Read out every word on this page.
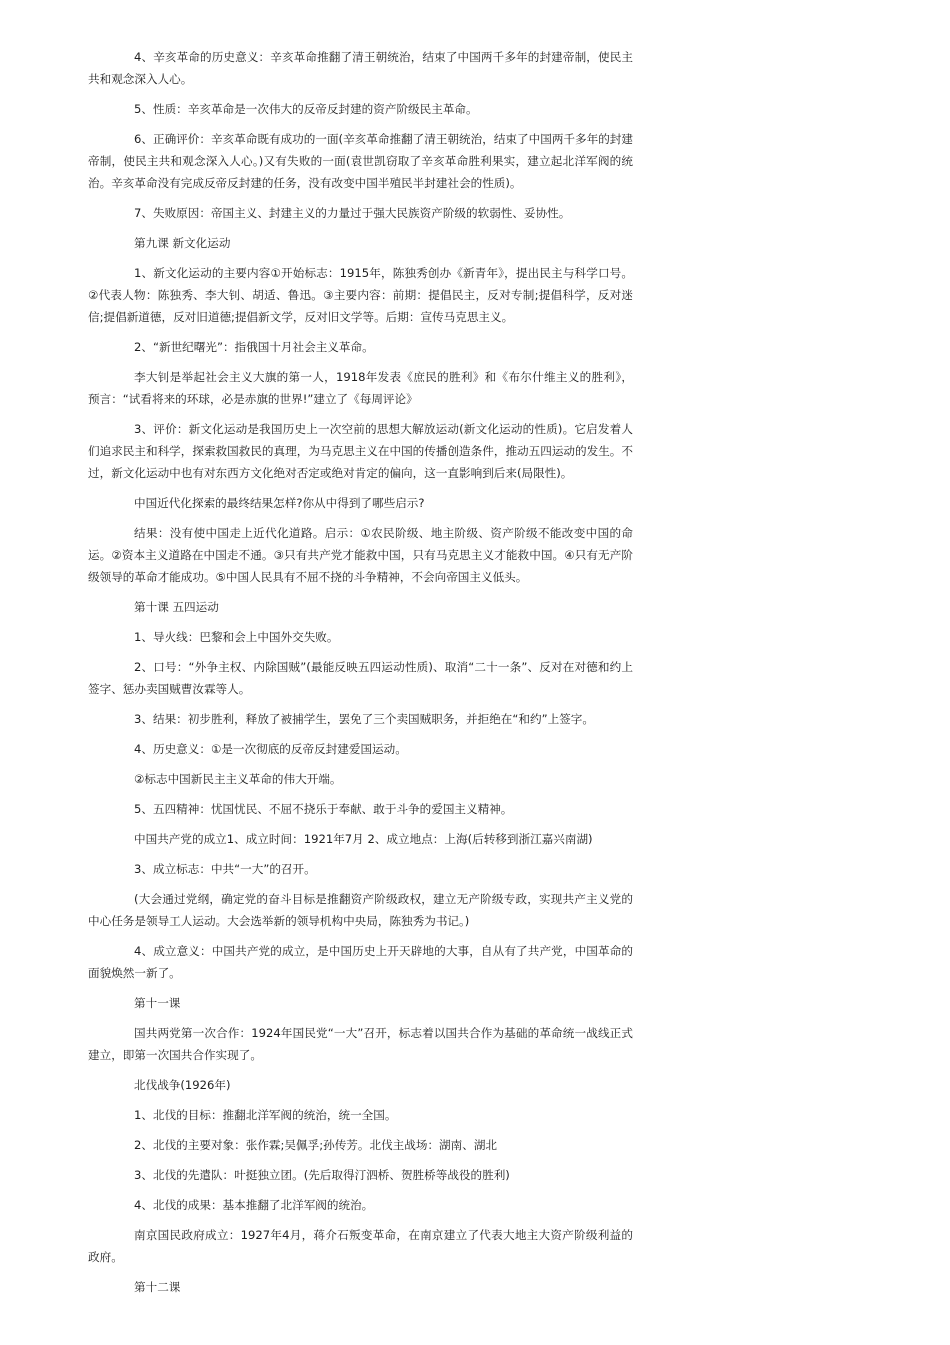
4、辛亥革命的历史意义：辛亥革命推翻了清王朝统治，结束了中国两千多年的封建帝制，使民主共和观念深入人心。

5、性质：辛亥革命是一次伟大的反帝反封建的资产阶级民主革命。

6、正确评价：辛亥革命既有成功的一面(辛亥革命推翻了清王朝统治，结束了中国两千多年的封建帝制，使民主共和观念深入人心。)又有失败的一面(袁世凯窃取了辛亥革命胜利果实，建立起北洋军阀的统治。辛亥革命没有完成反帝反封建的任务，没有改变中国半殖民半封建社会的性质)。

7、失败原因：帝国主义、封建主义的力量过于强大民族资产阶级的软弱性、妥协性。

第九课 新文化运动

1、新文化运动的主要内容①开始标志：1915年，陈独秀创办《新青年》，提出民主与科学口号。②代表人物：陈独秀、李大钊、胡适、鲁迅。③主要内容：前期：提倡民主，反对专制;提倡科学，反对迷信;提倡新道德，反对旧道德;提倡新文学，反对旧文学等。后期：宣传马克思主义。

2、“新世纪曙光”：指俄国十月社会主义革命。

李大钊是举起社会主义大旗的第一人，1918年发表《庶民的胜利》和《布尔什维主义的胜利》，预言：“试看将来的环球，必是赤旗的世界!”建立了《每周评论》

3、评价：新文化运动是我国历史上一次空前的思想大解放运动(新文化运动的性质)。它启发着人们追求民主和科学，探索救国救民的真理，为马克思主义在中国的传播创造条件，推动五四运动的发生。不过，新文化运动中也有对东西方文化绝对否定或绝对肯定的偏向，这一直影响到后来(局限性)。

中国近代化探索的最终结果怎样?你从中得到了哪些启示?

结果：没有使中国走上近代化道路。启示：①农民阶级、地主阶级、资产阶级不能改变中国的命运。②资本主义道路在中国走不通。③只有共产党才能救中国，只有马克思主义才能救中国。④只有无产阶级领导的革命才能成功。⑤中国人民具有不屈不挠的斗争精神，不会向帝国主义低头。

第十课 五四运动

1、导火线：巴黎和会上中国外交失败。

2、口号：“外争主权、内除国贼”(最能反映五四运动性质)、取消“二十一条”、反对在对德和约上签字、惩办卖国贼曹汝霖等人。

3、结果：初步胜利，释放了被捕学生，罢免了三个卖国贼职务，并拒绝在“和约”上签字。

4、历史意义：①是一次彻底的反帝反封建爱国运动。

②标志中国新民主主义革命的伟大开端。

5、五四精神：忧国忧民、不屈不挠乐于奉献、敢于斗争的爱国主义精神。

中国共产党的成立1、成立时间：1921年7月 2、成立地点：上海(后转移到浙江嘉兴南湖)

3、成立标志：中共“一大”的召开。

(大会通过党纲，确定党的奋斗目标是推翻资产阶级政权，建立无产阶级专政，实现共产主义党的中心任务是领导工人运动。大会选举新的领导机构中央局，陈独秀为书记。)

4、成立意义：中国共产党的成立，是中国历史上开天辟地的大事，自从有了共产党，中国革命的面貌焕然一新了。

第十一课

国共两党第一次合作：1924年国民党“一大”召开，标志着以国共合作为基础的革命统一战线正式建立，即第一次国共合作实现了。

北伐战争(1926年)

1、北伐的目标：推翻北洋军阀的统治，统一全国。

2、北伐的主要对象：张作霖;吴佩孚;孙传芳。北伐主战场：湖南、湖北

3、北伐的先遣队：叶挺独立团。(先后取得汀泗桥、贺胜桥等战役的胜利)

4、北伐的成果：基本推翻了北洋军阀的统治。

南京国民政府成立：1927年4月，蒋介石叛变革命，在南京建立了代表大地主大资产阶级利益的政府。

第十二课
